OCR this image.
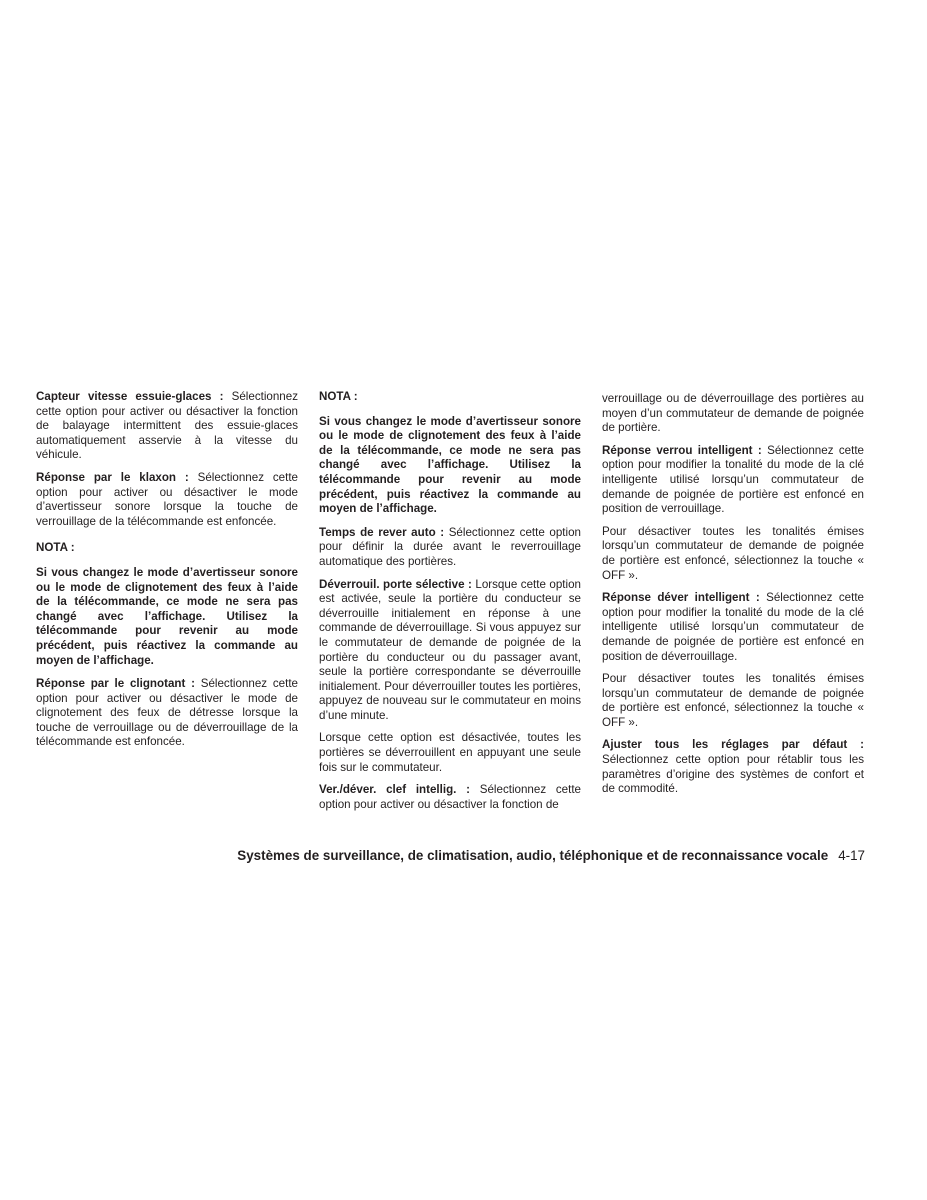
Capteur vitesse essuie-glaces : Sélectionnez cette option pour activer ou désactiver la fonction de balayage intermittent des essuie-glaces automatiquement asservie à la vitesse du véhicule.

Réponse par le klaxon : Sélectionnez cette option pour activer ou désactiver le mode d’avertisseur sonore lorsque la touche de verrouillage de la télécommande est enfoncée.

NOTA :

Si vous changez le mode d’avertisseur sonore ou le mode de clignotement des feux à l’aide de la télécommande, ce mode ne sera pas changé avec l’affichage. Utilisez la télécommande pour revenir au mode précédent, puis réactivez la commande au moyen de l’affichage.

Réponse par le clignotant : Sélectionnez cette option pour activer ou désactiver le mode de clignotement des feux de détresse lorsque la touche de verrouillage ou de déverrouillage de la télécommande est enfoncée.

NOTA :

Si vous changez le mode d’avertisseur sonore ou le mode de clignotement des feux à l’aide de la télécommande, ce mode ne sera pas changé avec l’affichage. Utilisez la télécommande pour revenir au mode précédent, puis réactivez la commande au moyen de l’affichage.

Temps de rever auto : Sélectionnez cette option pour définir la durée avant le reverrouillage automatique des portières.

Déverrouil. porte sélective : Lorsque cette option est activée, seule la portière du conducteur se déverrouille initialement en réponse à une commande de déverrouillage. Si vous appuyez sur le commutateur de demande de poignée de la portière du conducteur ou du passager avant, seule la portière correspondante se déverrouille initialement. Pour déverrouiller toutes les portières, appuyez de nouveau sur le commutateur en moins d’une minute.

Lorsque cette option est désactivée, toutes les portières se déverrouillent en appuyant une seule fois sur le commutateur.

Ver./déver. clef intellig. : Sélectionnez cette option pour activer ou désactiver la fonction de

verrouillage ou de déverrouillage des portières au moyen d’un commutateur de demande de poignée de portière.

Réponse verrou intelligent : Sélectionnez cette option pour modifier la tonalité du mode de la clé intelligente utilisé lorsqu’un commutateur de demande de poignée de portière est enfoncé en position de verrouillage.

Pour désactiver toutes les tonalités émises lorsqu’un commutateur de demande de poignée de portière est enfoncé, sélectionnez la touche « OFF ».

Réponse déver intelligent : Sélectionnez cette option pour modifier la tonalité du mode de la clé intelligente utilisé lorsqu’un commutateur de demande de poignée de portière est enfoncé en position de déverrouillage.

Pour désactiver toutes les tonalités émises lorsqu’un commutateur de demande de poignée de portière est enfoncé, sélectionnez la touche « OFF ».

Ajuster tous les réglages par défaut : Sélectionnez cette option pour rétablir tous les paramètres d’origine des systèmes de confort et de commodité.

Systèmes de surveillance, de climatisation, audio, téléphonique et de reconnaissance vocale 4-17
